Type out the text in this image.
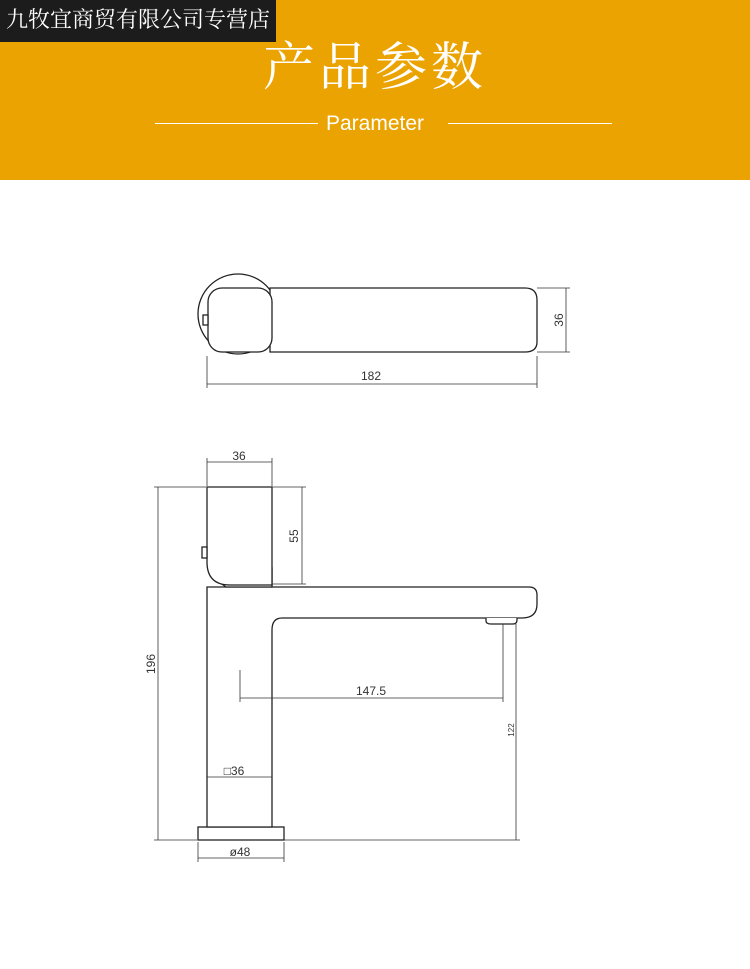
九牧宜商贸有限公司专营店
产品参数
Parameter
36
182
36
55
196
147.5
122
□36
ø48
